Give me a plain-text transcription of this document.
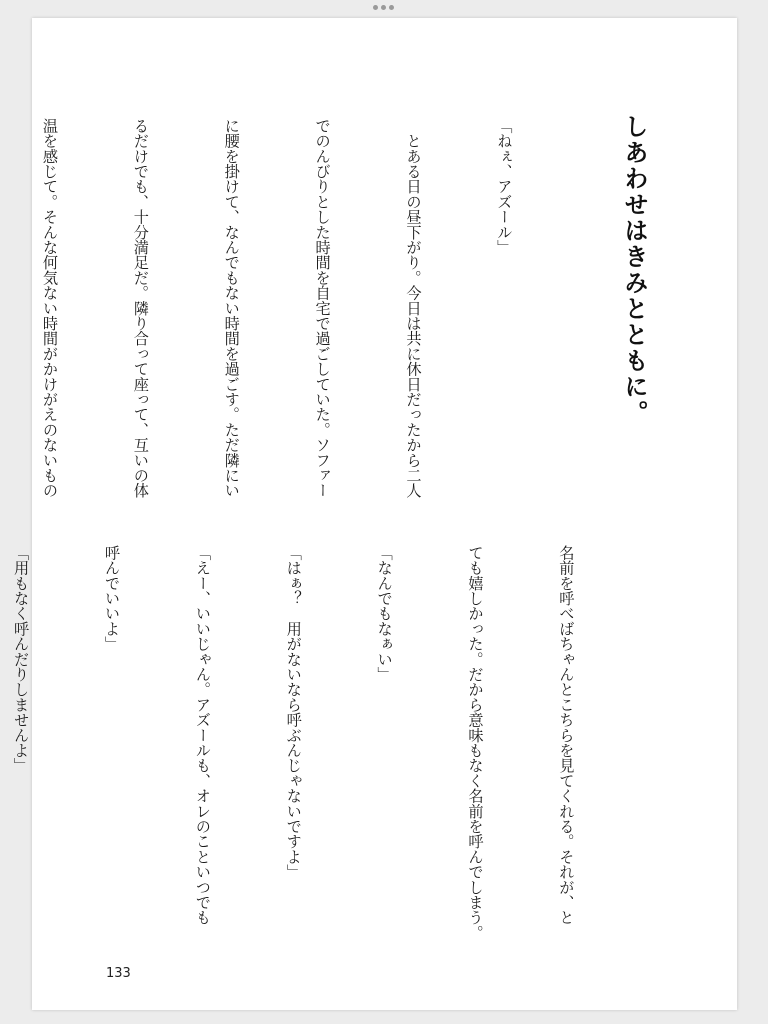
しあわせはきみとともに。

「ねぇ、アズール」

　とある日の昼下がり。今日は共に休日だったから二人

でのんびりとした時間を自宅で過ごしていた。ソファー

に腰を掛けて、なんでもない時間を過ごす。ただ隣にい

るだけでも、十分満足だ。隣り合って座って、互いの体

温を感じて。そんな何気ない時間がかけがえのないもの

名前を呼べばちゃんとこちらを見てくれる。それが、と

ても嬉しかった。だから意味もなく名前を呼んでしまう。

「なんでもなぁい」

「はぁ？　用がないなら呼ぶんじゃないですよ」

「えー、いいじゃん。アズールも、オレのこといつでも

呼んでいいよ」

「用もなく呼んだりしませんよ」

133
